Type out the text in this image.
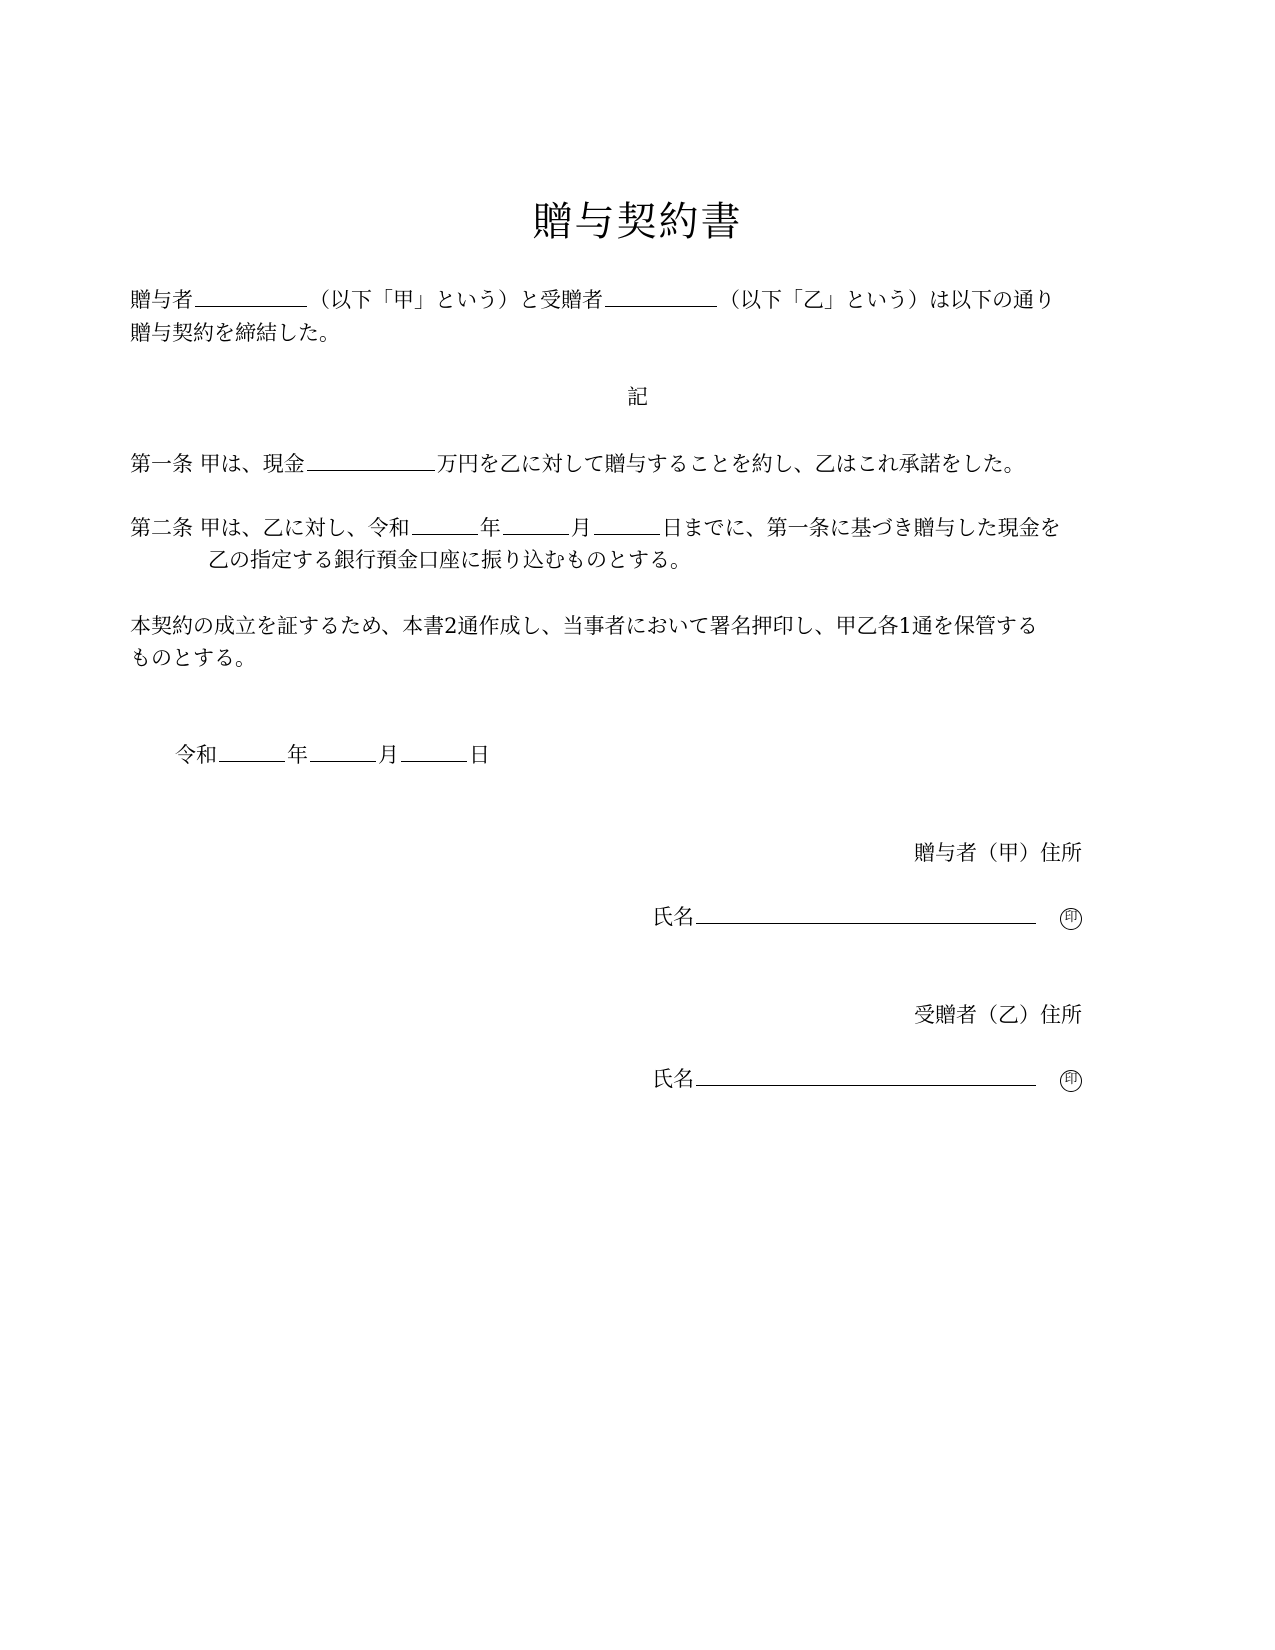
贈与契約書
贈与者	（以下「甲」という）と受贈者	（以下「乙」という）は以下の通り
贈与契約を締結した。
記
第一条 甲は、現金	万円を乙に対して贈与することを約し、乙はこれ承諾をした。
第二条 甲は、乙に対し、令和	年	月	日までに、第一条に基づき贈与した現金を
乙の指定する銀行預金口座に振り込むものとする。
本契約の成立を証するため、本書2通作成し、当事者において署名押印し、甲乙各1通を保管する
ものとする。
令和	年	月	日
贈与者（甲）住所
氏名	印
受贈者（乙）住所
氏名	印
